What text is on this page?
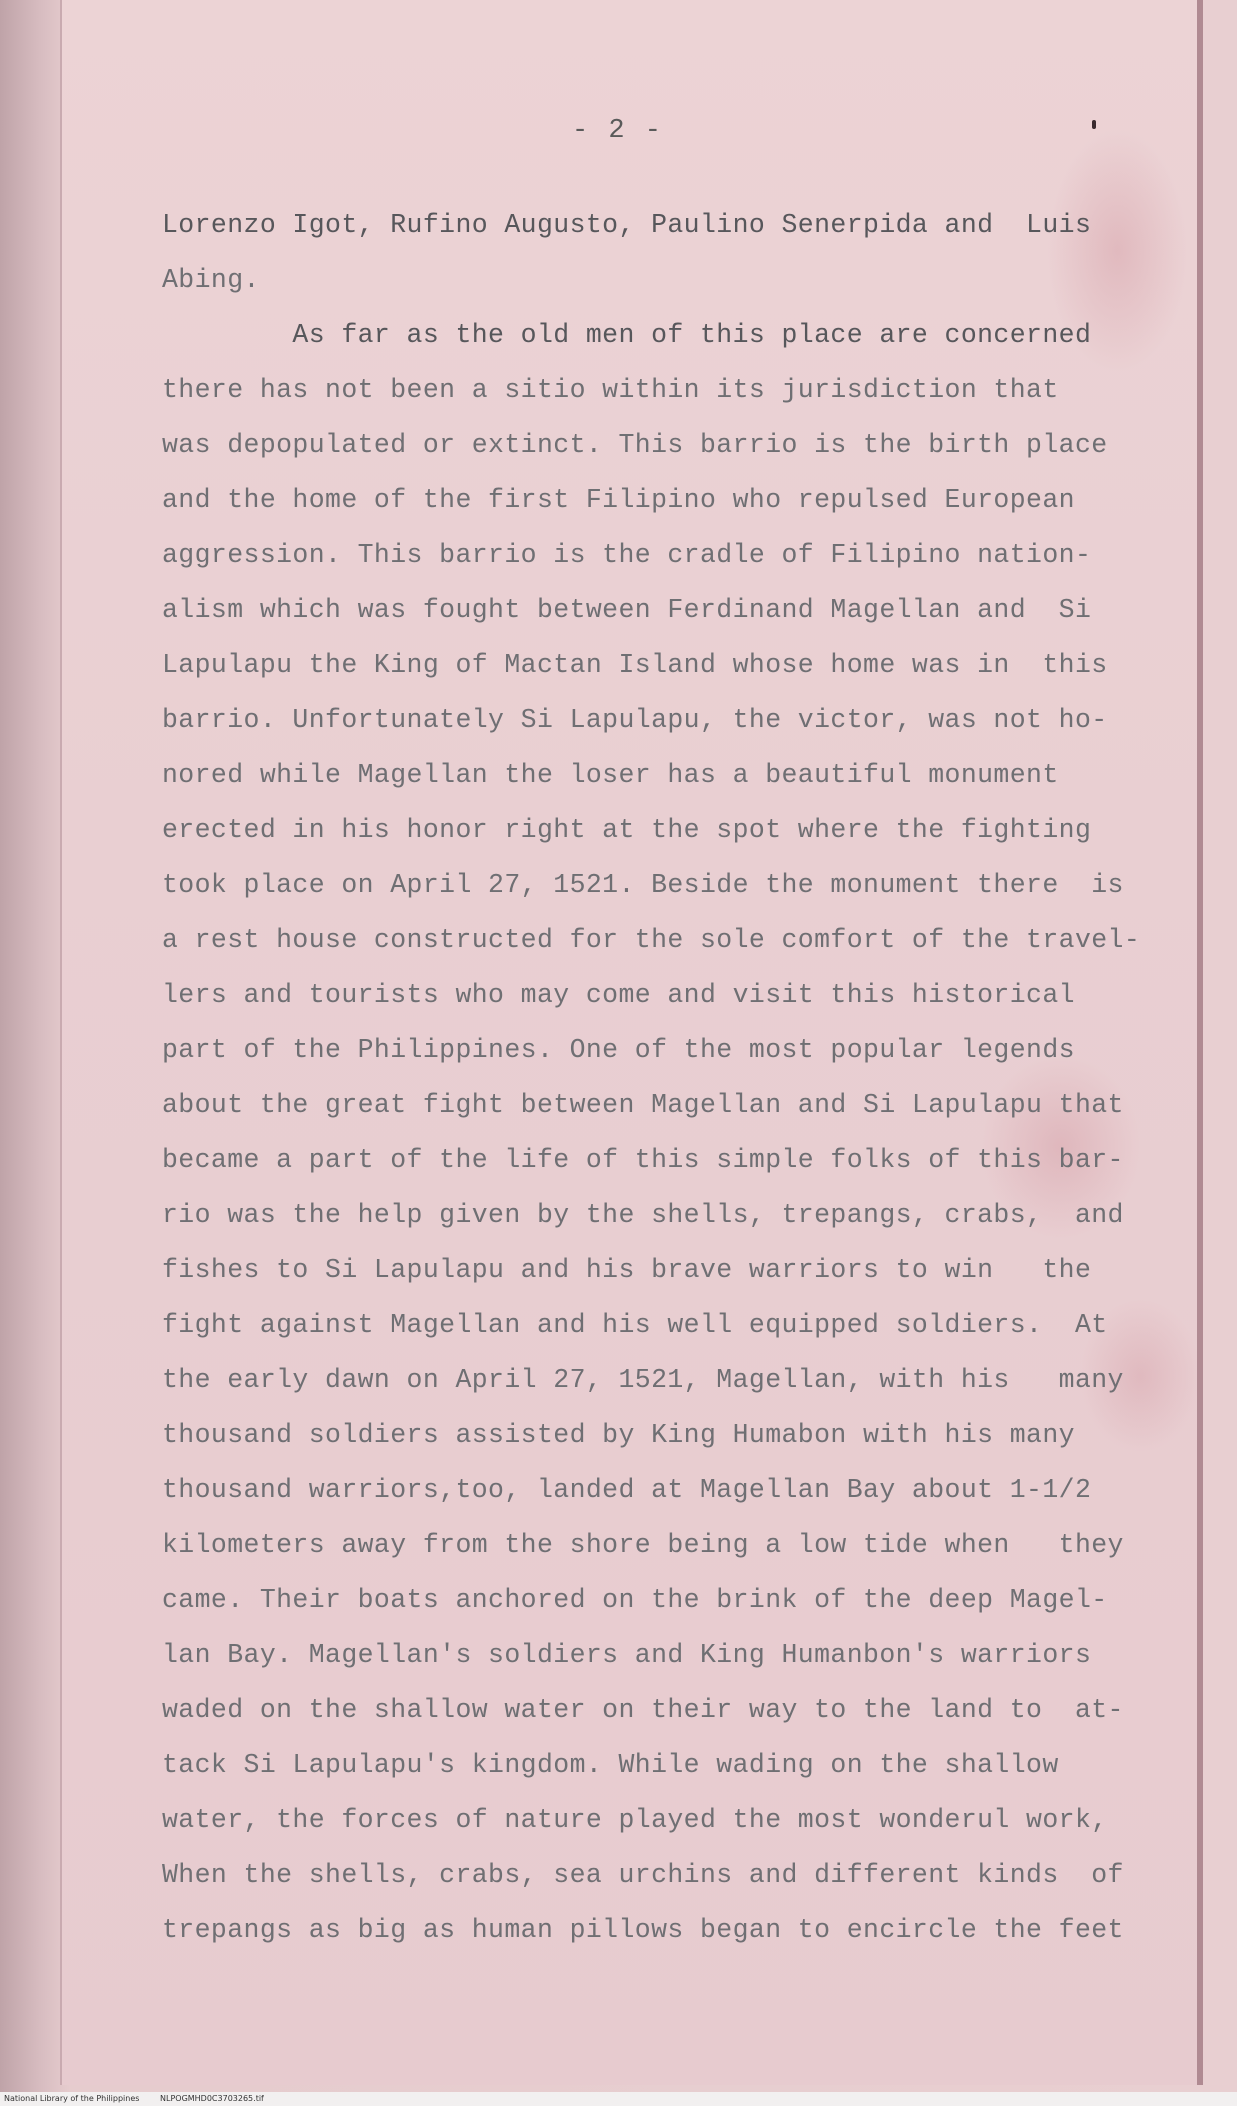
- 2 -
Lorenzo Igot, Rufino Augusto, Paulino Senerpida and  Luis
Abing.
As far as the old men of this place are concerned
there has not been a sitio within its jurisdiction that
was depopulated or extinct. This barrio is the birth place
and the home of the first Filipino who repulsed European
aggression. This barrio is the cradle of Filipino nation-
alism which was fought between Ferdinand Magellan and  Si
Lapulapu the King of Mactan Island whose home was in  this
barrio. Unfortunately Si Lapulapu, the victor, was not ho-
nored while Magellan the loser has a beautiful monument
erected in his honor right at the spot where the fighting
took place on April 27, 1521. Beside the monument there  is
a rest house constructed for the sole comfort of the travel-
lers and tourists who may come and visit this historical
part of the Philippines. One of the most popular legends
about the great fight between Magellan and Si Lapulapu that
became a part of the life of this simple folks of this bar-
rio was the help given by the shells, trepangs, crabs,  and
fishes to Si Lapulapu and his brave warriors to win   the
fight against Magellan and his well equipped soldiers.  At
the early dawn on April 27, 1521, Magellan, with his   many
thousand soldiers assisted by King Humabon with his many
thousand warriors,too, landed at Magellan Bay about 1-1/2
kilometers away from the shore being a low tide when   they
came. Their boats anchored on the brink of the deep Magel-
lan Bay. Magellan's soldiers and King Humanbon's warriors
waded on the shallow water on their way to the land to  at-
tack Si Lapulapu's kingdom. While wading on the shallow
water, the forces of nature played the most wonderul work,
When the shells, crabs, sea urchins and different kinds  of
trepangs as big as human pillows began to encircle the feet
National Library of the Philippines	NLPOGMHD0C3703265.tif
